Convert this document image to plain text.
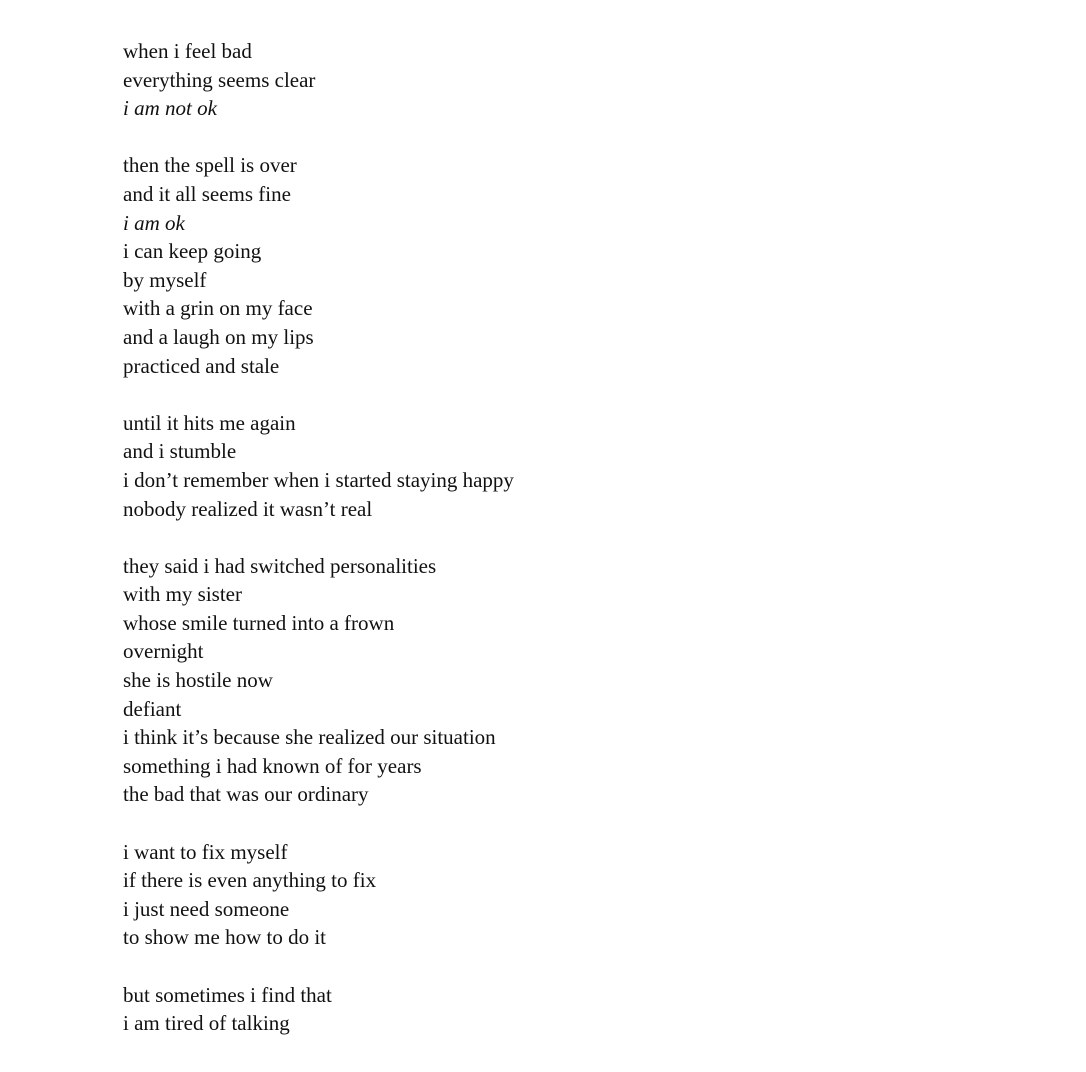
when i feel bad
everything seems clear
i am not ok

then the spell is over
and it all seems fine
i am ok
i can keep going
by myself
with a grin on my face
and a laugh on my lips
practiced and stale

until it hits me again
and i stumble
i don’t remember when i started staying happy
nobody realized it wasn’t real

they said i had switched personalities
with my sister
whose smile turned into a frown
overnight
she is hostile now
defiant
i think it’s because she realized our situation
something i had known of for years
the bad that was our ordinary

i want to fix myself
if there is even anything to fix
i just need someone
to show me how to do it

but sometimes i find that
i am tired of talking
